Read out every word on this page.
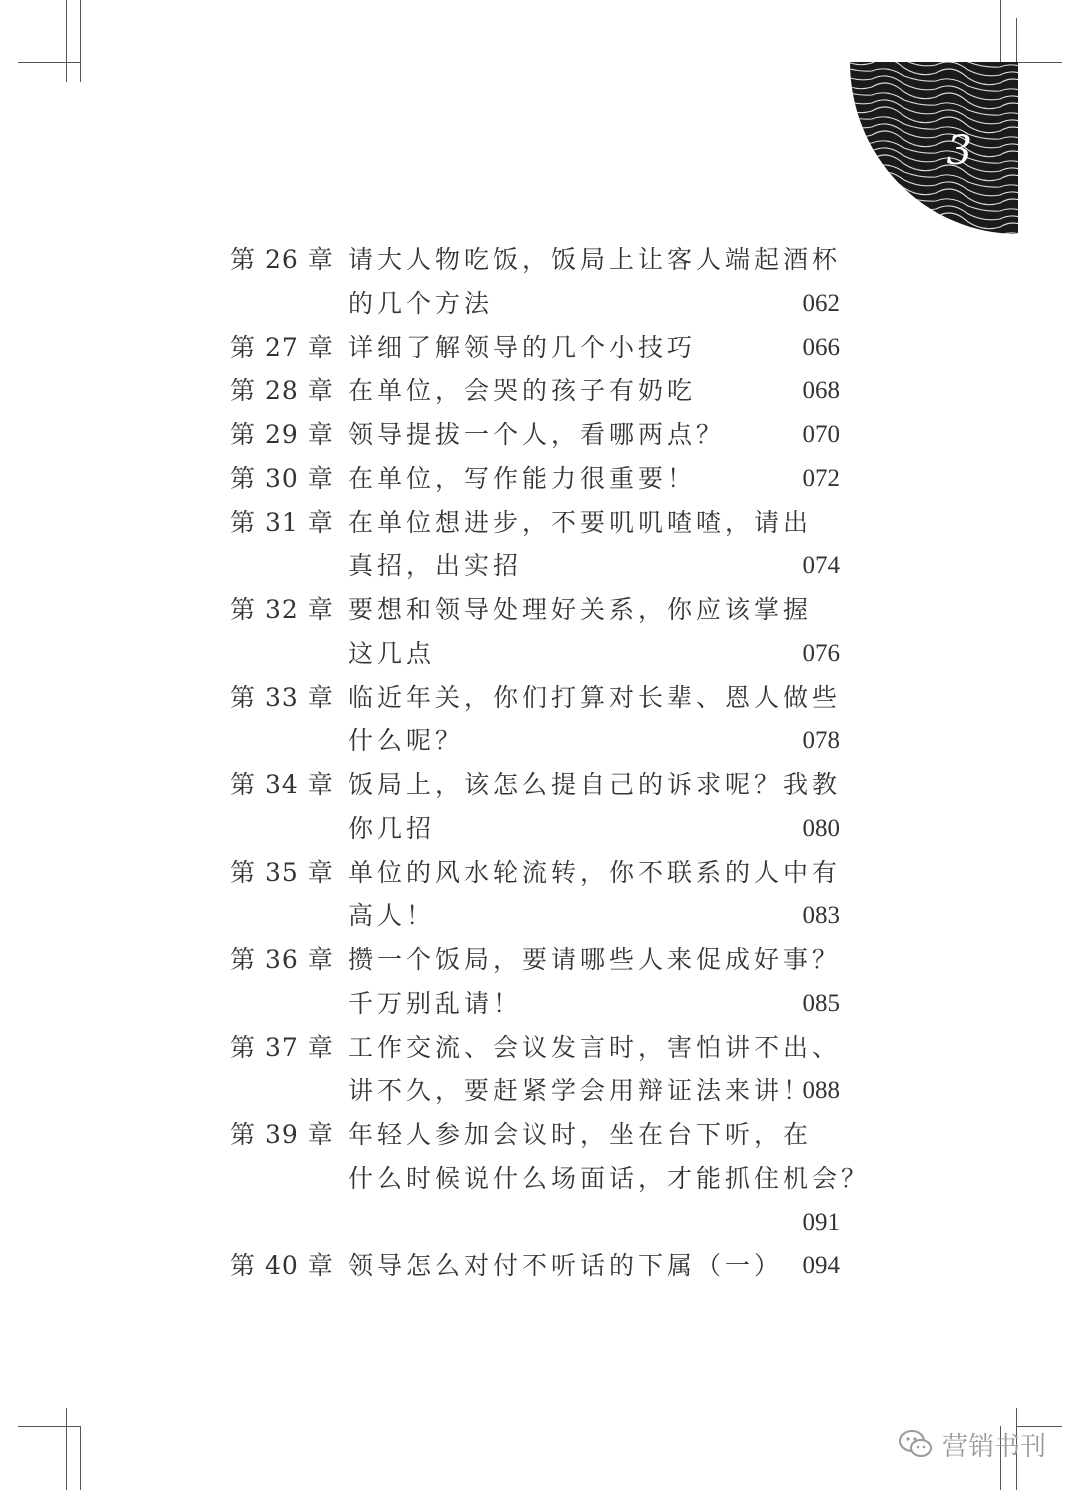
3
第 26 章 请大人物吃饭，饭局上让客人端起酒杯
的几个方法	062
第 27 章 详细了解领导的几个小技巧	066
第 28 章 在单位，会哭的孩子有奶吃	068
第 29 章 领导提拔一个人，看哪两点？	070
第 30 章 在单位，写作能力很重要！	072
第 31 章 在单位想进步，不要叽叽喳喳，请出
真招，出实招	074
第 32 章 要想和领导处理好关系，你应该掌握
这几点	076
第 33 章 临近年关，你们打算对长辈、恩人做些
什么呢？	078
第 34 章 饭局上，该怎么提自己的诉求呢？我教
你几招	080
第 35 章 单位的风水轮流转，你不联系的人中有
高人！	083
第 36 章 攒一个饭局，要请哪些人来促成好事？
千万别乱请！	085
第 37 章 工作交流、会议发言时，害怕讲不出、
讲不久，要赶紧学会用辩证法来讲！
088
第 39 章 年轻人参加会议时，坐在台下听，在
什么时候说什么场面话，才能抓住机会？
091
第 40 章 领导怎么对付不听话的下属（一） 094
营销书刊
